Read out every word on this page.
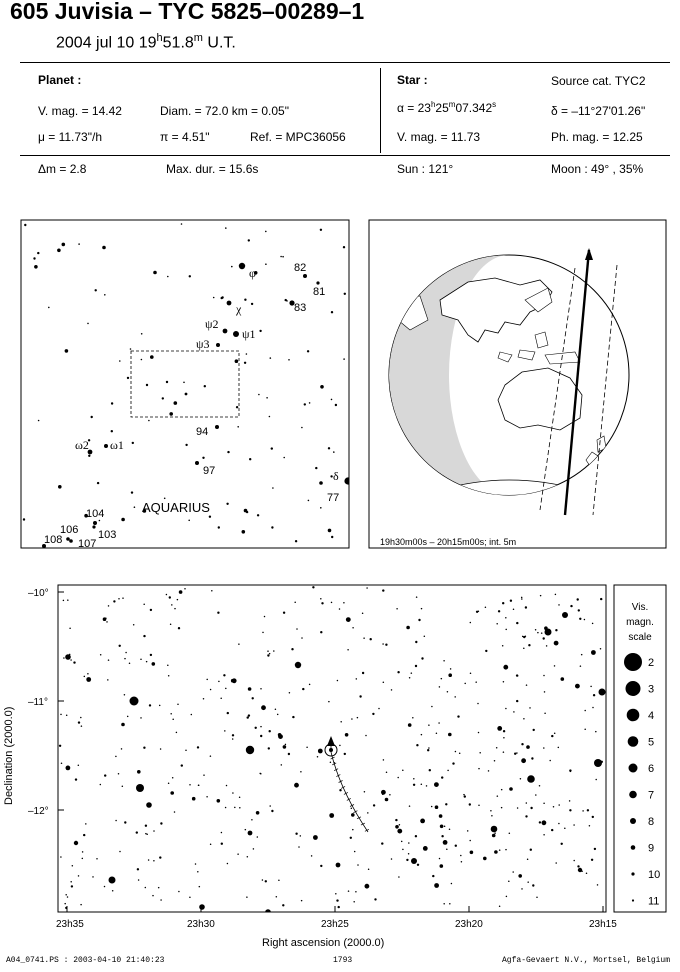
605 Juvisia – TYC 5825–00289–1
2004 jul 10 19$^h$51.8$^m$ U.T.
Planet :
V. mag. = 14.42	Diam. = 72.0 km = 0.05"
μ = 11.73"/h	π = 4.51"	Ref. = MPC36056
Star :	Source cat. TYC2
$\alpha = 23^h25^m07.342^s$	δ = –11°27'01.26"
V. mag. = 11.73	Ph. mag. = 12.25
Δm = 2.8	Max. dur. = 15.6s	Sun : 121°	Moon : 49° , 35%
φ	82
81
χ	83
ψ2
ψ1
ψ3
94
ω2 ω1
97	δ
77
104
106 103
108 107
AQUARIUS
19h30m00s – 20h15m00s; int. 5m
–10°
–11°
–12°
23h35	23h30	23h25	23h20	23h15
Right ascension (2000.0)
Declination (2000.0)
Vis.
magn.
scale
2
3
4
5
6
7
8
9
10
11
A04_0741.PS : 2003-04-10 21:40:23	1793	Agfa-Gevaert N.V., Mortsel, Belgium
